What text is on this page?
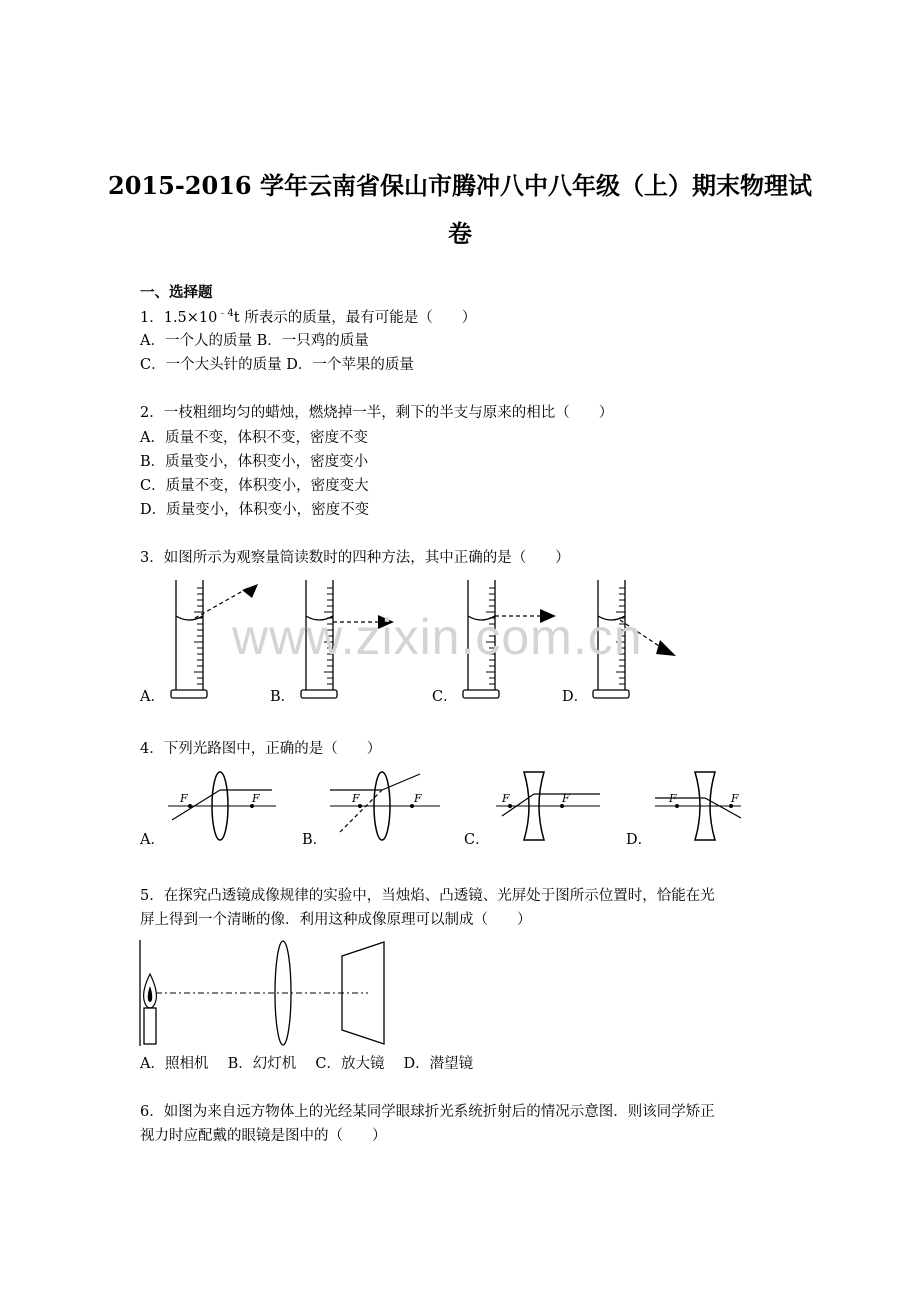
2015-2016 学年云南省保山市腾冲八中八年级（上）期末物理试
卷
一、选择题
1．$1.5\times 10^{﹣4}t$ 所表示的质量，最有可能是（　　）
A．一个人的质量 B．一只鸡的质量
C．一个大头针的质量 D．一个苹果的质量
2．一枝粗细均匀的蜡烛，燃烧掉一半，剩下的半支与原来的相比（　　）
A．质量不变，体积不变，密度不变
B．质量变小，体积变小，密度变小
C．质量不变，体积变小，密度变大
D．质量变小，体积变小，密度不变
3．如图所示为观察量筒读数时的四种方法，其中正确的是（　　）
A．	B．	C．	D．
www.zixin.com.cn
4．下列光路图中，正确的是（　　）
F	F	F	F	F	F	F	F
A．	B．	C．	D．
5．在探究凸透镜成像规律的实验中，当烛焰、凸透镜、光屏处于图所示位置时，恰能在光
屏上得到一个清晰的像．利用这种成像原理可以制成（　　）
A．照相机　 B．幻灯机　 C．放大镜　 D．潜望镜
6．如图为来自远方物体上的光经某同学眼球折光系统折射后的情况示意图．则该同学矫正
视力时应配戴的眼镜是图中的（　　）
